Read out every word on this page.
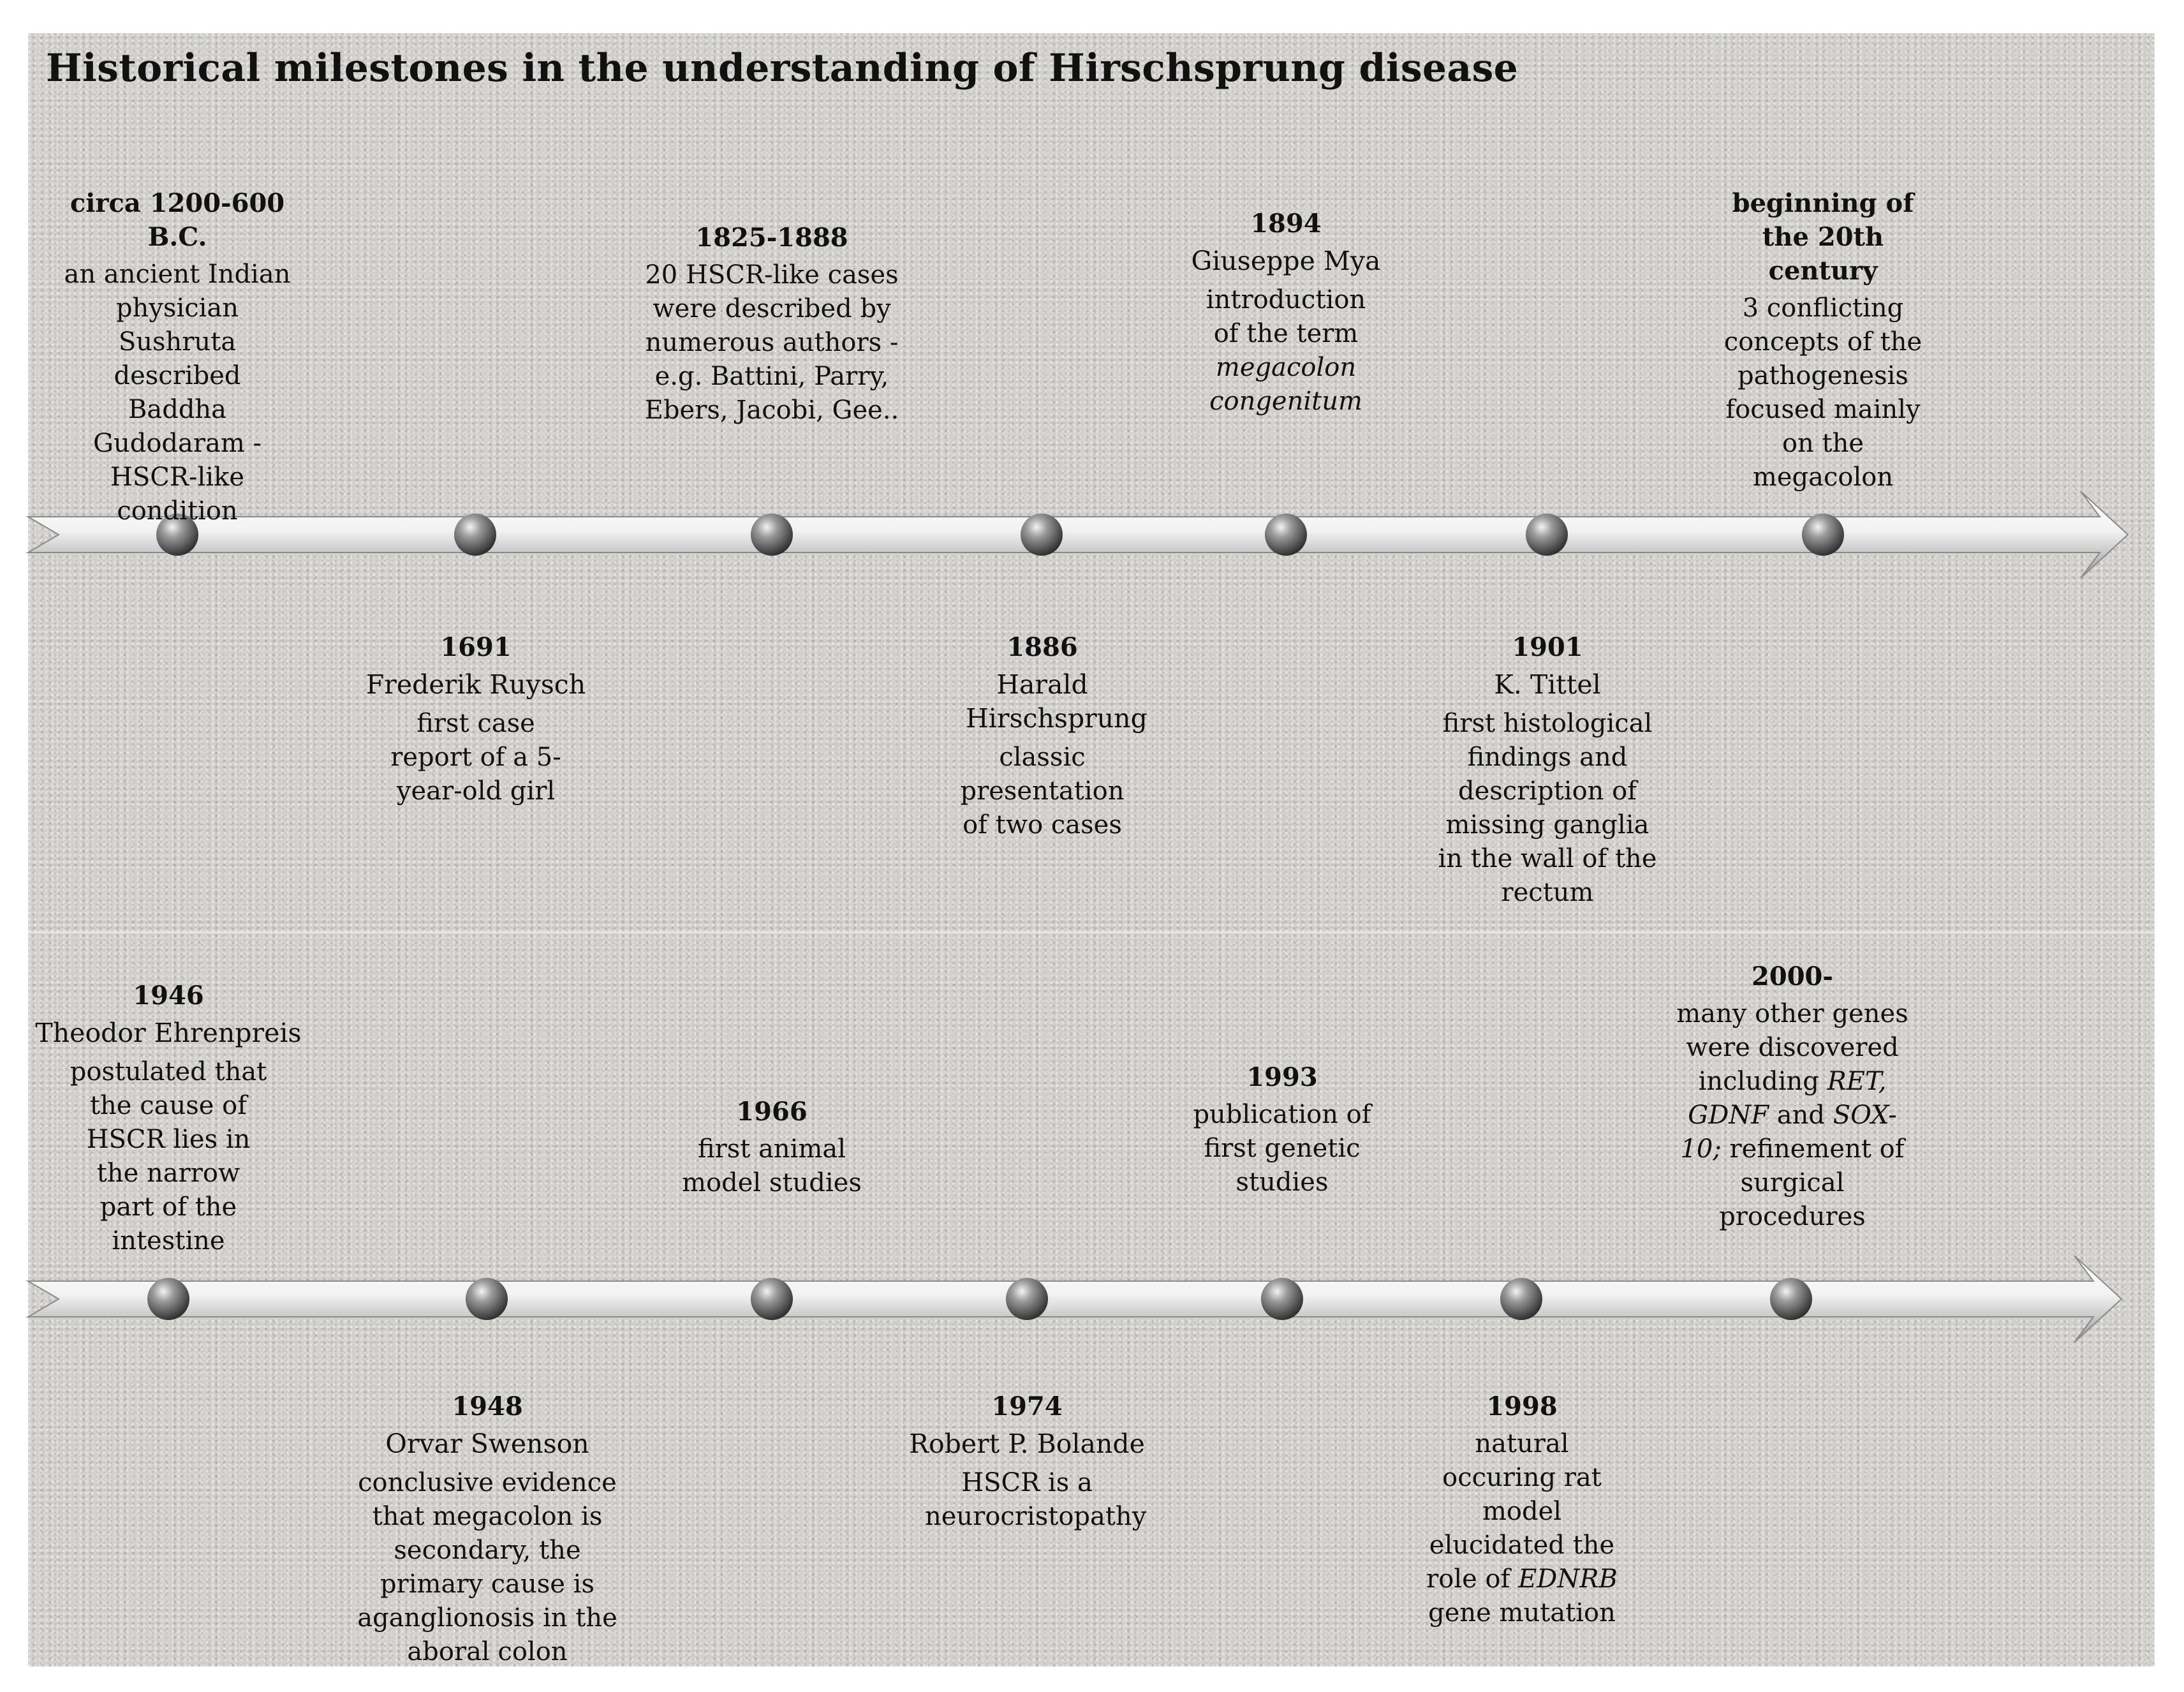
Historical milestones in the understanding of Hirschsprung disease
circa 1200-600 B.C.
an ancient Indian physician Sushruta described Baddha Gudodaram - HSCR-like condition
1825-1888
20 HSCR-like cases were described by numerous authors - e.g. Battini, Parry, Ebers, Jacobi, Gee..
1894
Giuseppe Mya
introduction of the term megacolon congenitum
beginning of the 20th century
3 conflicting concepts of the pathogenesis focused mainly on the megacolon
1691
Frederik Ruysch
first case report of a 5-year-old girl
1886
Harald Hirschsprung
classic presentation of two cases
1901
K. Tittel
first histological findings and description of missing ganglia in the wall of the rectum
1946
Theodor Ehrenpreis
postulated that the cause of HSCR lies in the narrow part of the intestine
1966
first animal model studies
1993
publication of first genetic studies
2000-
many other genes were discovered including RET, GDNF and SOX-10; refinement of surgical procedures
1948
Orvar Swenson
conclusive evidence that megacolon is secondary, the primary cause is aganglionosis in the aboral colon
1974
Robert P. Bolande
HSCR is a neurocristopathy
1998
natural occuring rat model elucidated the role of EDNRB gene mutation
